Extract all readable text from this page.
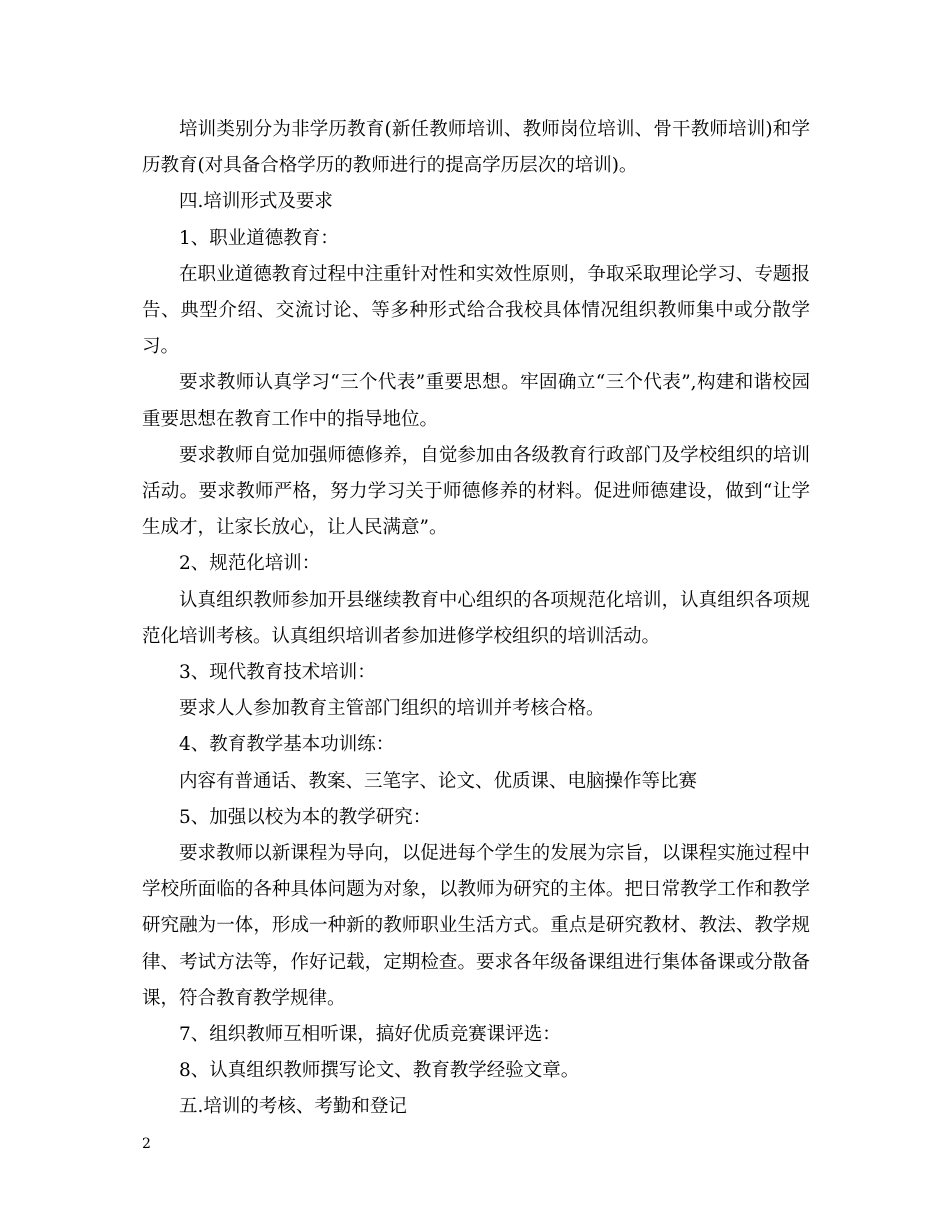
培训类别分为非学历教育(新任教师培训、教师岗位培训、骨干教师培训)和学历教育(对具备合格学历的教师进行的提高学历层次的培训)。

四.培训形式及要求

1、职业道德教育：

在职业道德教育过程中注重针对性和实效性原则，争取采取理论学习、专题报告、典型介绍、交流讨论、等多种形式给合我校具体情况组织教师集中或分散学习。

要求教师认真学习“三个代表”重要思想。牢固确立“三个代表”,构建和谐校园重要思想在教育工作中的指导地位。

要求教师自觉加强师德修养，自觉参加由各级教育行政部门及学校组织的培训活动。要求教师严格，努力学习关于师德修养的材料。促进师德建设，做到“让学生成才，让家长放心，让人民满意”。

2、规范化培训：

认真组织教师参加开县继续教育中心组织的各项规范化培训，认真组织各项规范化培训考核。认真组织培训者参加进修学校组织的培训活动。

3、现代教育技术培训：

要求人人参加教育主管部门组织的培训并考核合格。

4、教育教学基本功训练：

内容有普通话、教案、三笔字、论文、优质课、电脑操作等比赛

5、加强以校为本的教学研究：

要求教师以新课程为导向，以促进每个学生的发展为宗旨，以课程实施过程中学校所面临的各种具体问题为对象，以教师为研究的主体。把日常教学工作和教学研究融为一体，形成一种新的教师职业生活方式。重点是研究教材、教法、教学规律、考试方法等，作好记载，定期检查。要求各年级备课组进行集体备课或分散备课，符合教育教学规律。

7、组织教师互相听课，搞好优质竞赛课评选：

8、认真组织教师撰写论文、教育教学经验文章。

五.培训的考核、考勤和登记

2
